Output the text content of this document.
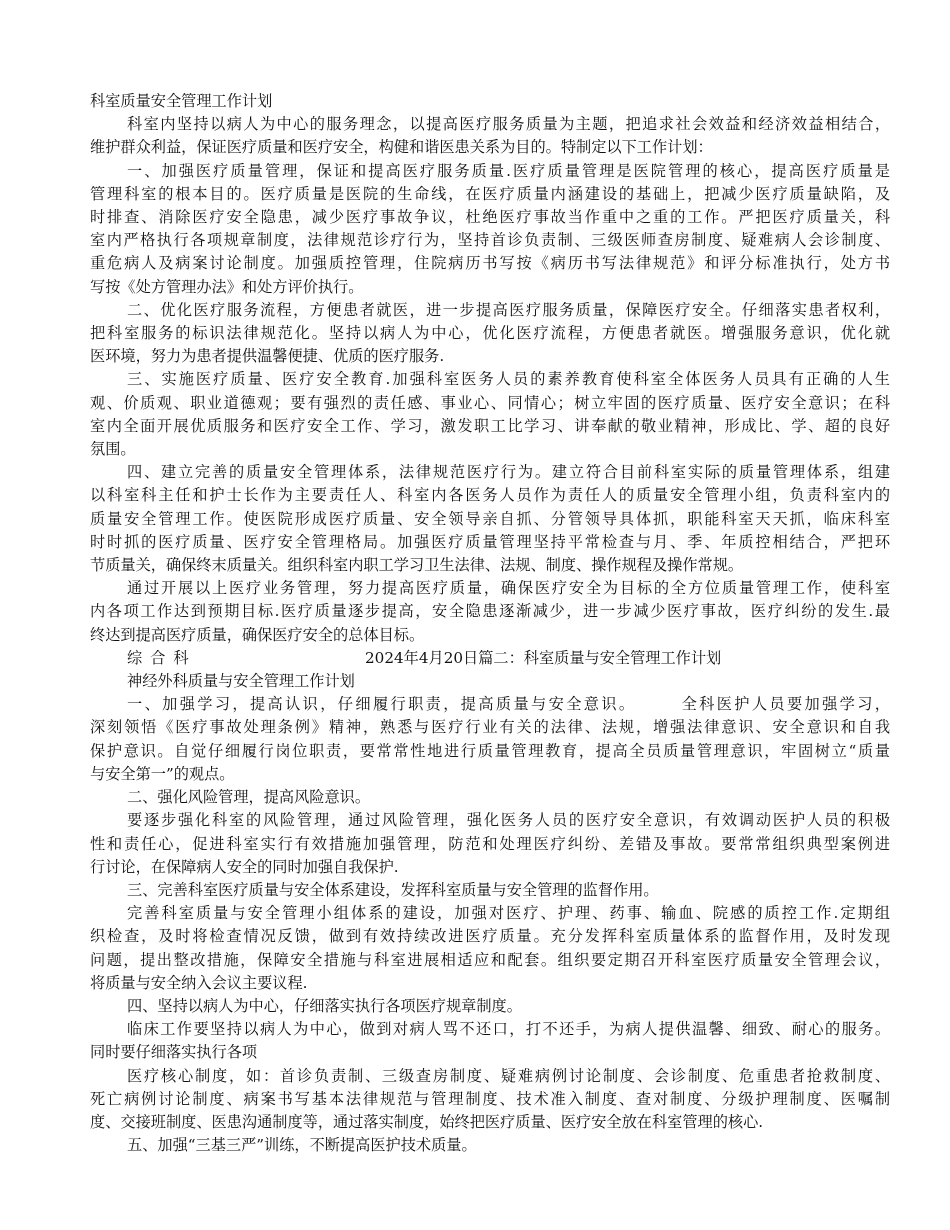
科室质量安全管理工作计划
科室内坚持以病人为中心的服务理念，以提高医疗服务质量为主题，把追求社会效益和经济效益相结合，
维护群众利益，保证医疗质量和医疗安全，构健和谐医患关系为目的。特制定以下工作计划：
一、加强医疗质量管理，保证和提高医疗服务质量.医疗质量管理是医院管理的核心，提高医疗质量是
管理科室的根本目的。医疗质量是医院的生命线，在医疗质量内涵建设的基础上，把减少医疗质量缺陷，及
时排查、消除医疗安全隐患，减少医疗事故争议，杜绝医疗事故当作重中之重的工作。严把医疗质量关，科
室内严格执行各项规章制度，法律规范诊疗行为，坚持首诊负责制、三级医师查房制度、疑难病人会诊制度、
重危病人及病案讨论制度。加强质控管理，住院病历书写按《病历书写法律规范》和评分标准执行，处方书
写按《处方管理办法》和处方评价执行。
二、优化医疗服务流程，方便患者就医，进一步提高医疗服务质量，保障医疗安全。仔细落实患者权利，
把科室服务的标识法律规范化。坚持以病人为中心，优化医疗流程，方便患者就医。增强服务意识，优化就
医环境，努力为患者提供温馨便捷、优质的医疗服务.
三、实施医疗质量、医疗安全教育.加强科室医务人员的素养教育使科室全体医务人员具有正确的人生
观、价质观、职业道德观；要有强烈的责任感、事业心、同情心；树立牢固的医疗质量、医疗安全意识；在科
室内全面开展优质服务和医疗安全工作、学习，激发职工比学习、讲奉献的敬业精神，形成比、学、超的良好
氛围。
四、建立完善的质量安全管理体系，法律规范医疗行为。建立符合目前科室实际的质量管理体系，组建
以科室科主任和护士长作为主要责任人、科室内各医务人员作为责任人的质量安全管理小组，负责科室内的
质量安全管理工作。使医院形成医疗质量、安全领导亲自抓、分管领导具体抓，职能科室天天抓，临床科室
时时抓的医疗质量、医疗安全管理格局。加强医疗质量管理坚持平常检查与月、季、年质控相结合，严把环
节质量关，确保终末质量关。组织科室内职工学习卫生法律、法规、制度、操作规程及操作常规。
通过开展以上医疗业务管理，努力提高医疗质量，确保医疗安全为目标的全方位质量管理工作，使科室
内各项工作达到预期目标.医疗质量逐步提高，安全隐患逐渐减少，进一步减少医疗事故，医疗纠纷的发生.最
终达到提高医疗质量，确保医疗安全的总体目标。
综合科	2024年4月20日篇二：科室质量与安全管理工作计划
神经外科质量与安全管理工作计划
一、加强学习，提高认识，仔细履行职责，提高质量与安全意识。　　　全科医护人员要加强学习，
深刻领悟《医疗事故处理条例》精神，熟悉与医疗行业有关的法律、法规，增强法律意识、安全意识和自我
保护意识。自觉仔细履行岗位职责，要常常性地进行质量管理教育，提高全员质量管理意识，牢固树立“质量
与安全第一”的观点。
二、强化风险管理，提高风险意识。
要逐步强化科室的风险管理，通过风险管理，强化医务人员的医疗安全意识，有效调动医护人员的积极
性和责任心，促进科室实行有效措施加强管理，防范和处理医疗纠纷、差错及事故。要常常组织典型案例进
行讨论，在保障病人安全的同时加强自我保护.
三、完善科室医疗质量与安全体系建设，发挥科室质量与安全管理的监督作用。
完善科室质量与安全管理小组体系的建设，加强对医疗、护理、药事、输血、院感的质控工作.定期组
织检查，及时将检查情况反馈，做到有效持续改进医疗质量。充分发挥科室质量体系的监督作用，及时发现
问题，提出整改措施，保障安全措施与科室进展相适应和配套。组织要定期召开科室医疗质量安全管理会议，
将质量与安全纳入会议主要议程.
四、坚持以病人为中心，仔细落实执行各项医疗规章制度。
临床工作要坚持以病人为中心，做到对病人骂不还口，打不还手，为病人提供温馨、细致、耐心的服务。
同时要仔细落实执行各项
医疗核心制度，如：首诊负责制、三级查房制度、疑难病例讨论制度、会诊制度、危重患者抢救制度、
死亡病例讨论制度、病案书写基本法律规范与管理制度、技术准入制度、查对制度、分级护理制度、医嘱制
度、交接班制度、医患沟通制度等，通过落实制度，始终把医疗质量、医疗安全放在科室管理的核心.
五、加强“三基三严”训练，不断提高医护技术质量。
